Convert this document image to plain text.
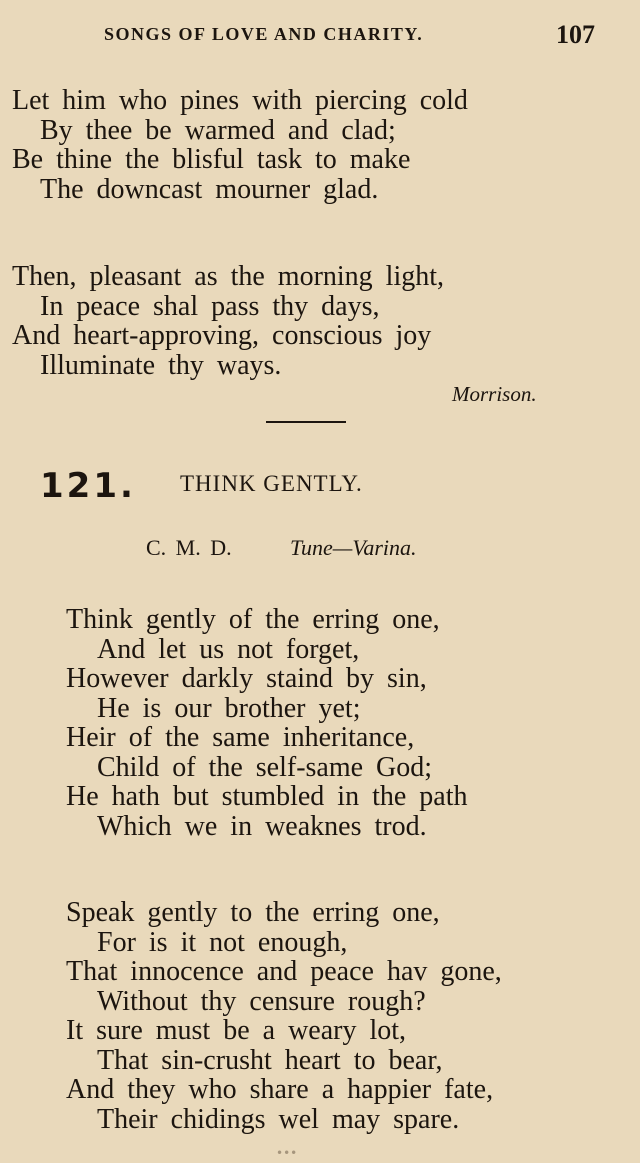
SONGS OF LOVE AND CHARITY.	107
Let him who pines with piercing cold
By thee be warmed and clad;
Be thine the blisful task to make
The downcast mourner glad.
Then, pleasant as the morning light,
In peace shal pass thy days,
And heart-approving, conscious joy
Illuminate thy ways.
Morrison.
121. THINK GENTLY.
C. M. D.	Tune—Varina.
Think gently of the erring one,
And let us not forget,
However darkly staind by sin,
He is our brother yet;
Heir of the same inheritance,
Child of the self-same God;
He hath but stumbled in the path
Which we in weaknes trod.
Speak gently to the erring one,
For is it not enough,
That innocence and peace hav gone,
Without thy censure rough?
It sure must be a weary lot,
That sin-crusht heart to bear,
And they who share a happier fate,
Their chidings wel may spare.
•••
